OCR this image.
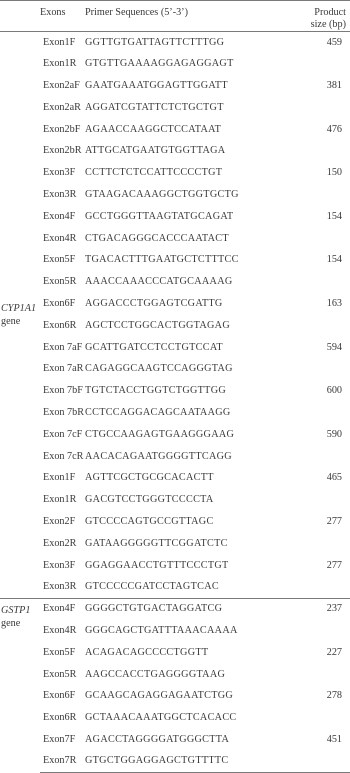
	Exons	Primer Sequences (5’-3’)	Product
size (bp)

CYP1A1
gene	Exon1F	GGTTGTGATTAGTTCTTTGG	459
	Exon1R	GTGTTGAAAAGGAGAGGAGT	
	Exon2aF	GAATGAAATGGAGTTGGATT	381
	Exon2aR	AGGATCGTATTCTCTGCTGT	
	Exon2bF	AGAACCAAGGCTCCATAAT	476
	Exon2bR	ATTGCATGAATGTGGTTAGA	
	Exon3F	CCTTCTCTCCATTCCCCTGT	150
	Exon3R	GTAAGACAAAGGCTGGTGCTG	
	Exon4F	GCCTGGGTTAAGTATGCAGAT	154
	Exon4R	CTGACAGGGCACCCAATACT	
	Exon5F	TGACACTTTGAATGCTCTTTCC	154
	Exon5R	AAACCAAACCCATGCAAAAG	
	Exon6F	AGGACCCTGGAGTCGATTG	163
	Exon6R	AGCTCCTGGCACTGGTAGAG	
	Exon 7aF	GCATTGATCCTCCTGTCCAT	594
	Exon 7aR	CAGAGGCAAGTCCAGGGTAG	
	Exon 7bF	TGTCTACCTGGTCTGGTTGG	600
	Exon 7bR	CCTCCAGGACAGCAATAAGG	
	Exon 7cF	CTGCCAAGAGTGAAGGGAAG	590
	Exon 7cR	AACACAGAATGGGGTTCAGG	
	Exon1F	AGTTCGCTGCGCACACTT	465
	Exon1R	GACGTCCTGGGTCCCCTA	
	Exon2F	GTCCCCAGTGCCGTTAGC	277
	Exon2R	GATAAGGGGGTTCGGATCTC	
	Exon3F	GGAGGAACCTGTTTCCCTGT	277
	Exon3R	GTCCCCCGATCCTAGTCAC	

GSTP1
gene	Exon4F	GGGGCTGTGACTAGGATCG	237
	Exon4R	GGGCAGCTGATTTAAACAAAA	
	Exon5F	ACAGACAGCCCCTGGTT	227
	Exon5R	AAGCCACCTGAGGGGTAAG	
	Exon6F	GCAAGCAGAGGAGAATCTGG	278
	Exon6R	GCTAAACAAATGGCTCACACC	
	Exon7F	AGACCTAGGGGATGGGCTTA	451
	Exon7R	GTGCTGGAGGAGCTGTTTTC	
